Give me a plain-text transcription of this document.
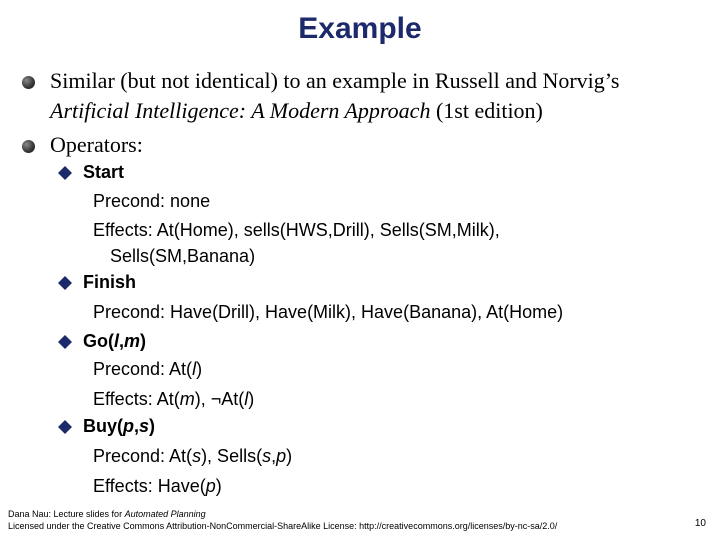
Example
Similar (but not identical) to an example in Russell and Norvig’s
Artificial Intelligence: A Modern Approach (1st edition)
Operators:
Start
Precond: none
Effects: At(Home), sells(HWS,Drill), Sells(SM,Milk),
Sells(SM,Banana)
Finish
Precond: Have(Drill), Have(Milk), Have(Banana), At(Home)
Go(l,m)
Precond: At(l)
Effects: At(m), ¬At(l)
Buy(p,s)
Precond: At(s), Sells(s,p)
Effects: Have(p)
Dana Nau: Lecture slides for Automated Planning
Licensed under the Creative Commons Attribution-NonCommercial-ShareAlike License: http://creativecommons.org/licenses/by-nc-sa/2.0/	10
